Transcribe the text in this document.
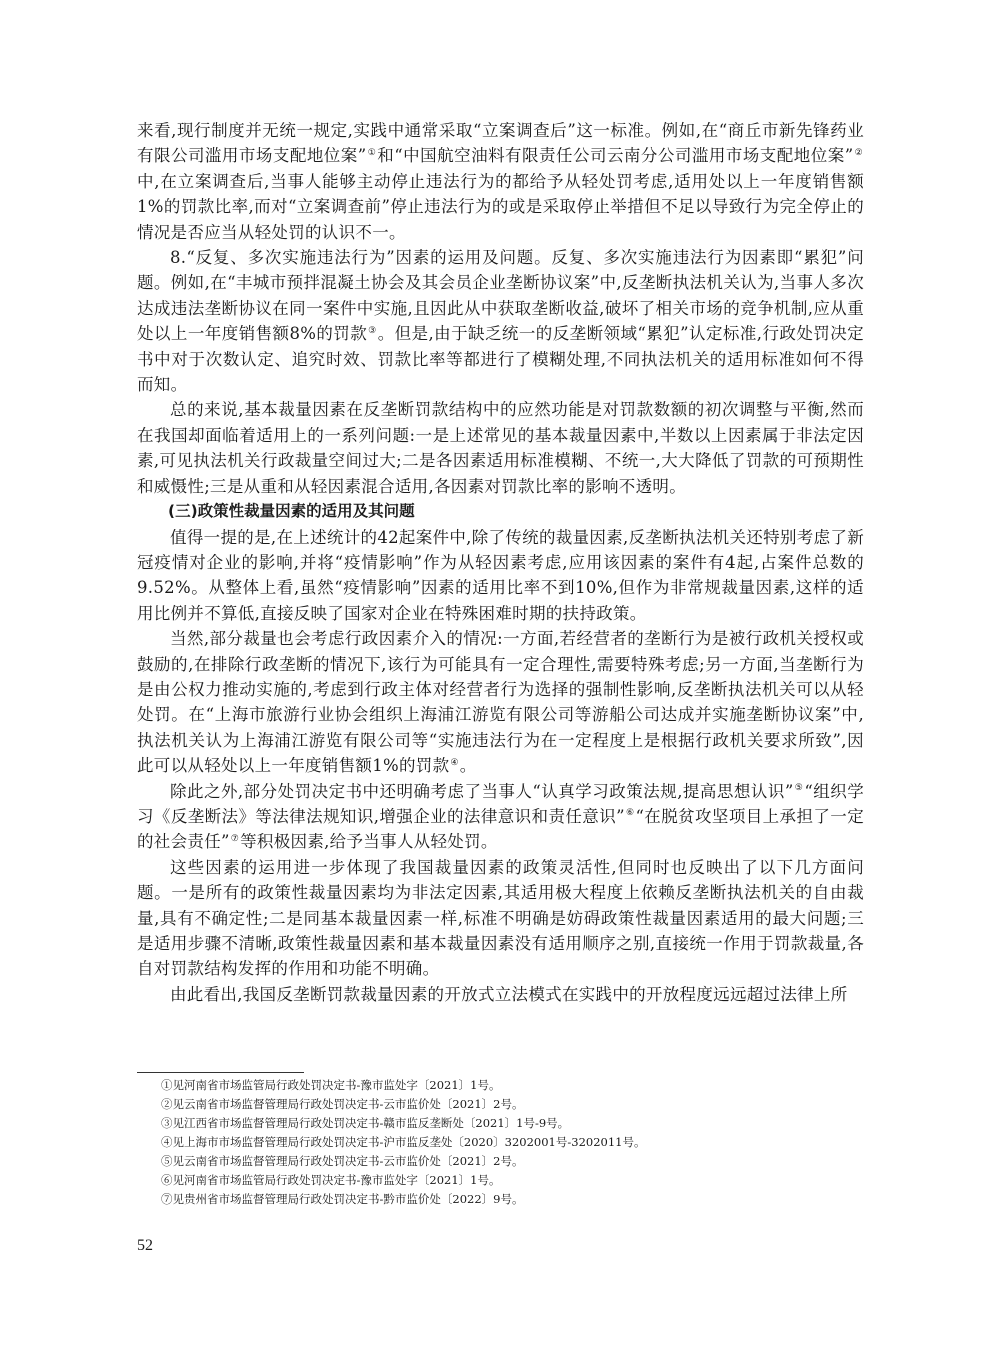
来看,现行制度并无统一规定,实践中通常采取“立案调查后”这一标准。例如,在“商丘市新先锋药业有限公司滥用市场支配地位案”①和“中国航空油料有限责任公司云南分公司滥用市场支配地位案”②中,在立案调查后,当事人能够主动停止违法行为的都给予从轻处罚考虑,适用处以上一年度销售额1%的罚款比率,而对“立案调查前”停止违法行为的或是采取停止举措但不足以导致行为完全停止的情况是否应当从轻处罚的认识不一。

8.“反复、多次实施违法行为”因素的运用及问题。反复、多次实施违法行为因素即“累犯”问题。例如,在“丰城市预拌混凝土协会及其会员企业垄断协议案”中,反垄断执法机关认为,当事人多次达成违法垄断协议在同一案件中实施,且因此从中获取垄断收益,破坏了相关市场的竞争机制,应从重处以上一年度销售额8%的罚款③。但是,由于缺乏统一的反垄断领域“累犯”认定标准,行政处罚决定书中对于次数认定、追究时效、罚款比率等都进行了模糊处理,不同执法机关的适用标准如何不得而知。

总的来说,基本裁量因素在反垄断罚款结构中的应然功能是对罚款数额的初次调整与平衡,然而在我国却面临着适用上的一系列问题:一是上述常见的基本裁量因素中,半数以上因素属于非法定因素,可见执法机关行政裁量空间过大;二是各因素适用标准模糊、不统一,大大降低了罚款的可预期性和威慑性;三是从重和从轻因素混合适用,各因素对罚款比率的影响不透明。

(三)政策性裁量因素的适用及其问题

值得一提的是,在上述统计的42起案件中,除了传统的裁量因素,反垄断执法机关还特别考虑了新冠疫情对企业的影响,并将“疫情影响”作为从轻因素考虑,应用该因素的案件有4起,占案件总数的9.52%。从整体上看,虽然“疫情影响”因素的适用比率不到10%,但作为非常规裁量因素,这样的适用比例并不算低,直接反映了国家对企业在特殊困难时期的扶持政策。

当然,部分裁量也会考虑行政因素介入的情况:一方面,若经营者的垄断行为是被行政机关授权或鼓励的,在排除行政垄断的情况下,该行为可能具有一定合理性,需要特殊考虑;另一方面,当垄断行为是由公权力推动实施的,考虑到行政主体对经营者行为选择的强制性影响,反垄断执法机关可以从轻处罚。在“上海市旅游行业协会组织上海浦江游览有限公司等游船公司达成并实施垄断协议案”中,执法机关认为上海浦江游览有限公司等“实施违法行为在一定程度上是根据行政机关要求所致”,因此可以从轻处以上一年度销售额1%的罚款④。

除此之外,部分处罚决定书中还明确考虑了当事人“认真学习政策法规,提高思想认识”⑤“组织学习《反垄断法》等法律法规知识,增强企业的法律意识和责任意识”⑥“在脱贫攻坚项目上承担了一定的社会责任”⑦等积极因素,给予当事人从轻处罚。

这些因素的运用进一步体现了我国裁量因素的政策灵活性,但同时也反映出了以下几方面问题。一是所有的政策性裁量因素均为非法定因素,其适用极大程度上依赖反垄断执法机关的自由裁量,具有不确定性;二是同基本裁量因素一样,标准不明确是妨碍政策性裁量因素适用的最大问题;三是适用步骤不清晰,政策性裁量因素和基本裁量因素没有适用顺序之别,直接统一作用于罚款裁量,各自对罚款结构发挥的作用和功能不明确。

由此看出,我国反垄断罚款裁量因素的开放式立法模式在实践中的开放程度远远超过法律上所

①见河南省市场监管局行政处罚决定书-豫市监处字〔2021〕1号。

②见云南省市场监督管理局行政处罚决定书-云市监价处〔2021〕2号。

③见江西省市场监督管理局行政处罚决定书-赣市监反垄断处〔2021〕1号-9号。

④见上海市市场监督管理局行政处罚决定书-沪市监反垄处〔2020〕3202001号-3202011号。

⑤见云南省市场监督管理局行政处罚决定书-云市监价处〔2021〕2号。

⑥见河南省市场监管局行政处罚决定书-豫市监处字〔2021〕1号。

⑦见贵州省市场监督管理局行政处罚决定书-黔市监价处〔2022〕9号。

52
